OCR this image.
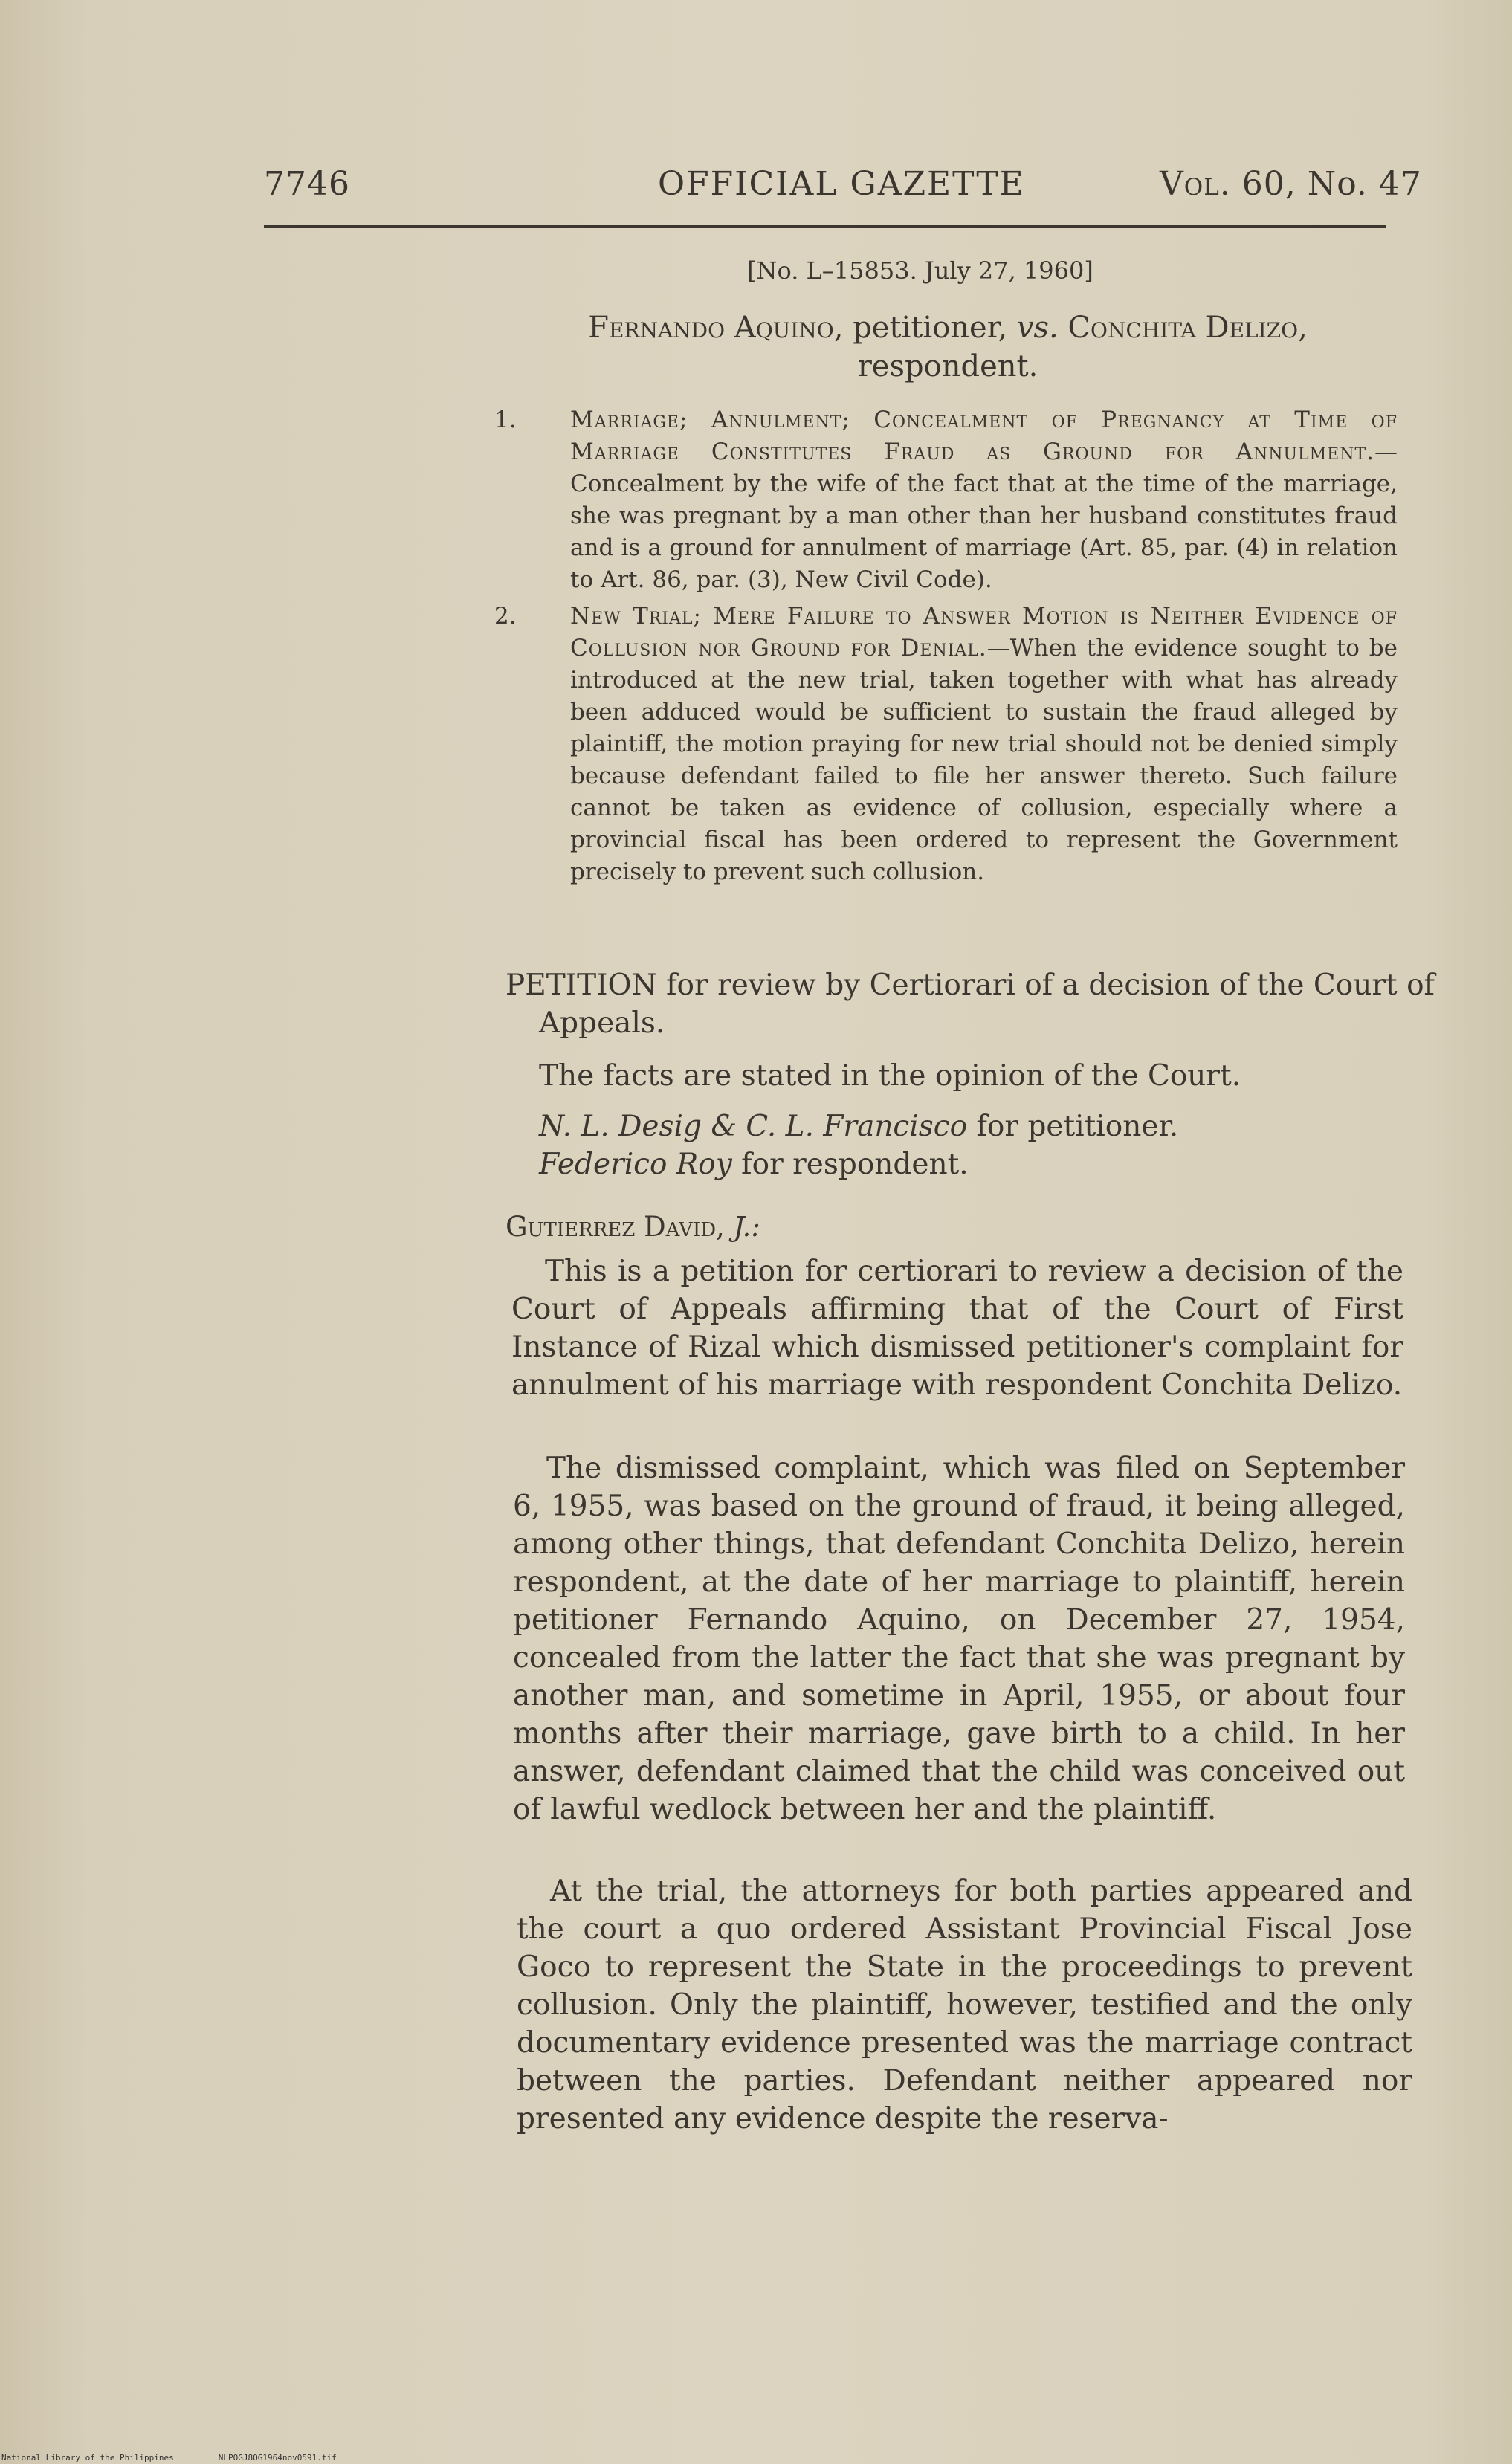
7746	OFFICIAL GAZETTE	Vol. 60, No. 47
[No. L–15853. July 27, 1960]
Fernando Aquino, petitioner, vs. Conchita Delizo, respondent.
1. Marriage; Annulment; Concealment of Pregnancy at Time of Marriage Constitutes Fraud as Ground for Annulment.—Concealment by the wife of the fact that at the time of the marriage, she was pregnant by a man other than her husband constitutes fraud and is a ground for annulment of marriage (Art. 85, par. (4) in relation to Art. 86, par. (3), New Civil Code).
2. New Trial; Mere Failure to Answer Motion is Neither Evidence of Collusion nor Ground for Denial.—When the evidence sought to be introduced at the new trial, taken together with what has already been adduced would be sufficient to sustain the fraud alleged by plaintiff, the motion praying for new trial should not be denied simply because defendant failed to file her answer thereto. Such failure cannot be taken as evidence of collusion, especially where a provincial fiscal has been ordered to represent the Government precisely to prevent such collusion.
PETITION for review by Certiorari of a decision of the Court of Appeals.
The facts are stated in the opinion of the Court.
N. L. Desig & C. L. Francisco for petitioner.
Federico Roy for respondent.
Gutierrez David, J.:
This is a petition for certiorari to review a decision of the Court of Appeals affirming that of the Court of First Instance of Rizal which dismissed petitioner's complaint for annulment of his marriage with respondent Conchita Delizo.
The dismissed complaint, which was filed on September 6, 1955, was based on the ground of fraud, it being alleged, among other things, that defendant Conchita Delizo, herein respondent, at the date of her marriage to plaintiff, herein petitioner Fernando Aquino, on December 27, 1954, concealed from the latter the fact that she was pregnant by another man, and sometime in April, 1955, or about four months after their marriage, gave birth to a child. In her answer, defendant claimed that the child was conceived out of lawful wedlock between her and the plaintiff.
At the trial, the attorneys for both parties appeared and the court a quo ordered Assistant Provincial Fiscal Jose Goco to represent the State in the proceedings to prevent collusion. Only the plaintiff, however, testified and the only documentary evidence presented was the marriage contract between the parties. Defendant neither appeared nor presented any evidence despite the reserva-
National Library of the Philippines	NLPOGJ8OG1964nov0591.tif
